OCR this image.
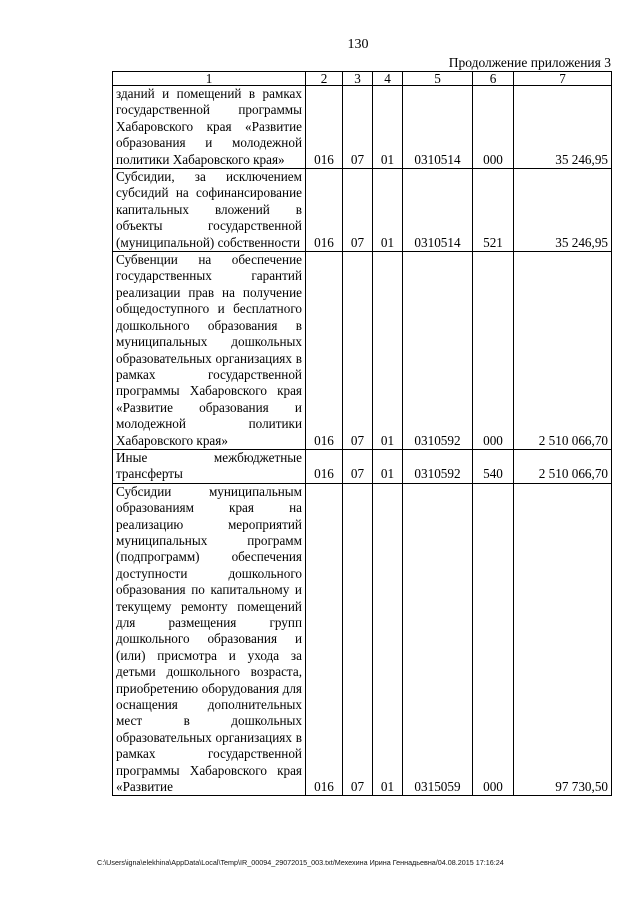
130
Продолжение приложения 3
1	2	3	4	5	6	7
зданий и помещений в рамках государственной программы Хабаровского края «Развитие образования и молодежной политики Хабаровского края»	016	07	01	0310514	000	35 246,95
Субсидии, за исключением субсидий на софинансирование капитальных вложений в объекты государственной (муниципальной) собственности	016	07	01	0310514	521	35 246,95
Субвенции на обеспечение государственных гарантий реализации прав на получение общедоступного и бесплатного дошкольного образования в муниципальных дошкольных образовательных организациях в рамках государственной программы Хабаровского края «Развитие образования и молодежной политики Хабаровского края»	016	07	01	0310592	000	2 510 066,70
Иные межбюджетные трансферты	016	07	01	0310592	540	2 510 066,70
Субсидии муниципальным образованиям края на реализацию мероприятий муниципальных программ (подпрограмм) обеспечения доступности дошкольного образования по капитальному и текущему ремонту помещений для размещения групп дошкольного образования и (или) присмотра и ухода за детьми дошкольного возраста, приобретению оборудования для оснащения дополнительных мест в дошкольных образовательных организациях в рамках государственной программы Хабаровского края «Развитие	016	07	01	0315059	000	97 730,50
C:\Users\igna\elekhina\AppData\Local\Temp\IR_00094_29072015_003.txt/Мехехина Ирина Геннадьевна/04.08.2015 17:16:24
